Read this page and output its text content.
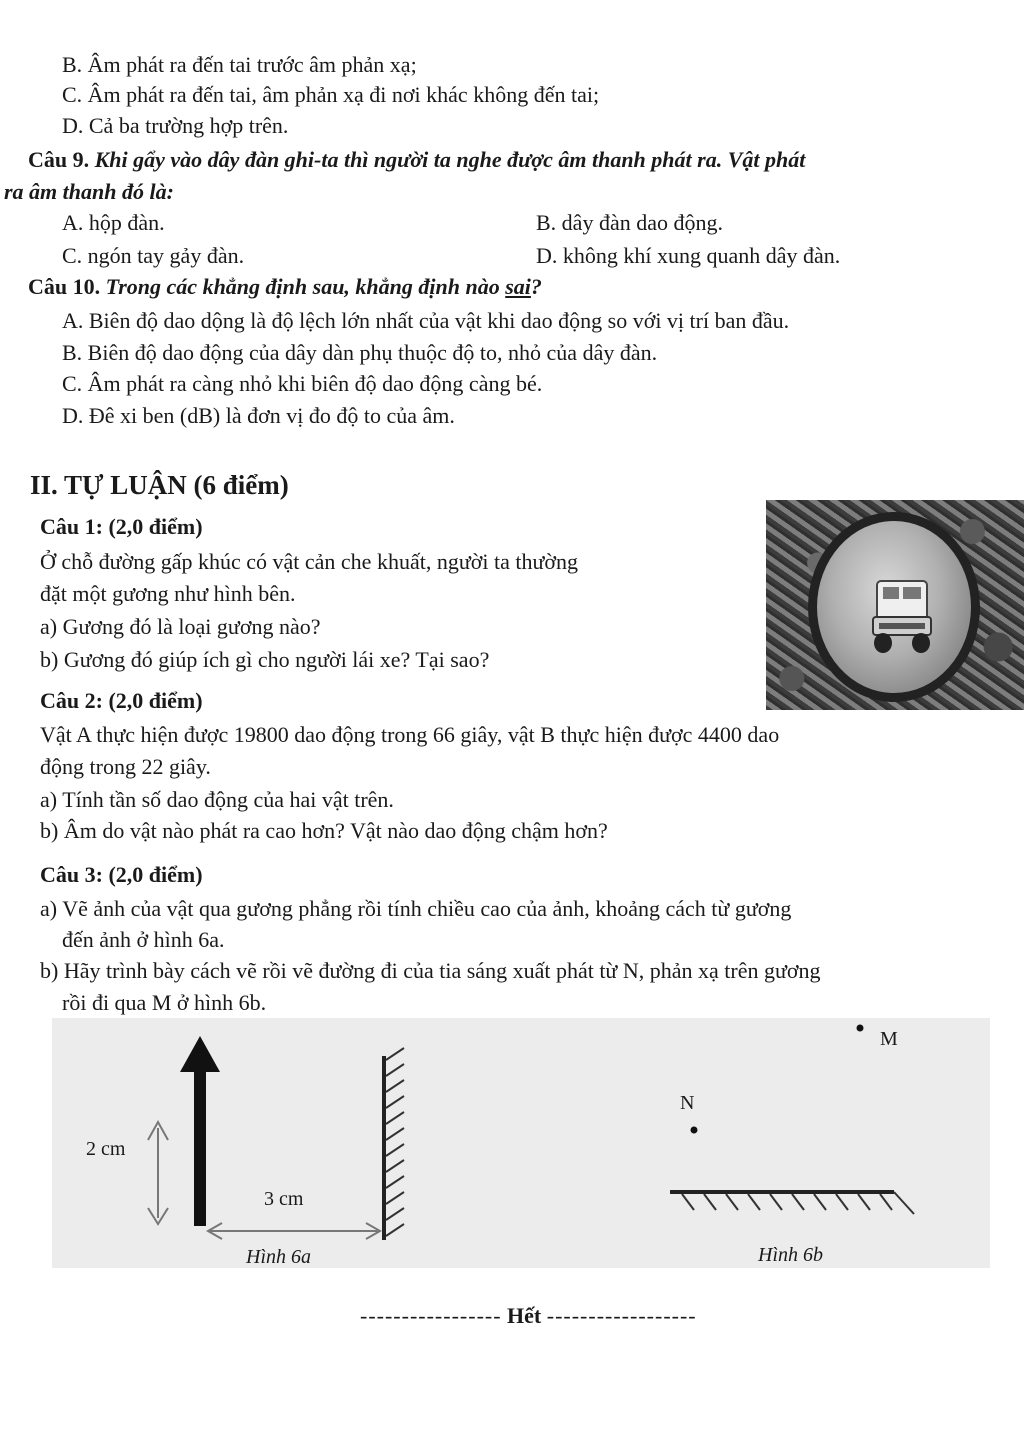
B. Âm phát ra đến tai trước âm phản xạ;
C. Âm phát ra đến tai, âm phản xạ đi nơi khác không đến tai;
D. Cả ba trường hợp trên.
Câu 9. Khi gẩy vào dây đàn ghi-ta thì người ta nghe được âm thanh phát ra. Vật phát
ra âm thanh đó là:
A. hộp đàn.	B. dây đàn dao động.
C. ngón tay gảy đàn.	D. không khí xung quanh dây đàn.
Câu 10. Trong các khẳng định sau, khẳng định nào sai?
A. Biên độ dao dộng là độ lệch lớn nhất của vật khi dao động so với vị trí ban đầu.
B. Biên độ dao động của dây dàn phụ thuộc độ to, nhỏ của dây đàn.
C. Âm phát ra càng nhỏ khi biên độ dao động càng bé.
D. Đê xi ben (dB) là đơn vị đo độ to của âm.
II. TỰ LUẬN (6 điểm)
Câu 1: (2,0 điểm)
Ở chỗ đường gấp khúc có vật cản che khuất, người ta thường
đặt một gương như hình bên.
a) Gương đó là loại gương nào?
b) Gương đó giúp ích gì cho người lái xe? Tại sao?
Câu 2: (2,0 điểm)
Vật A thực hiện được 19800 dao động trong 66 giây, vật B thực hiện được 4400 dao
động trong 22 giây.
a) Tính tần số dao động của hai vật trên.
b) Âm do vật nào phát ra cao hơn? Vật nào dao động chậm hơn?
Câu 3: (2,0 điểm)
a) Vẽ ảnh của vật qua gương phẳng rồi tính chiều cao của ảnh, khoảng cách từ gương
đến ảnh ở hình 6a.
b) Hãy trình bày cách vẽ rồi vẽ đường đi của tia sáng xuất phát từ N, phản xạ trên gương
rồi đi qua M ở hình 6b.
2 cm
3 cm
Hình 6a
M
N
Hình 6b
----------------- Hết ------------------
